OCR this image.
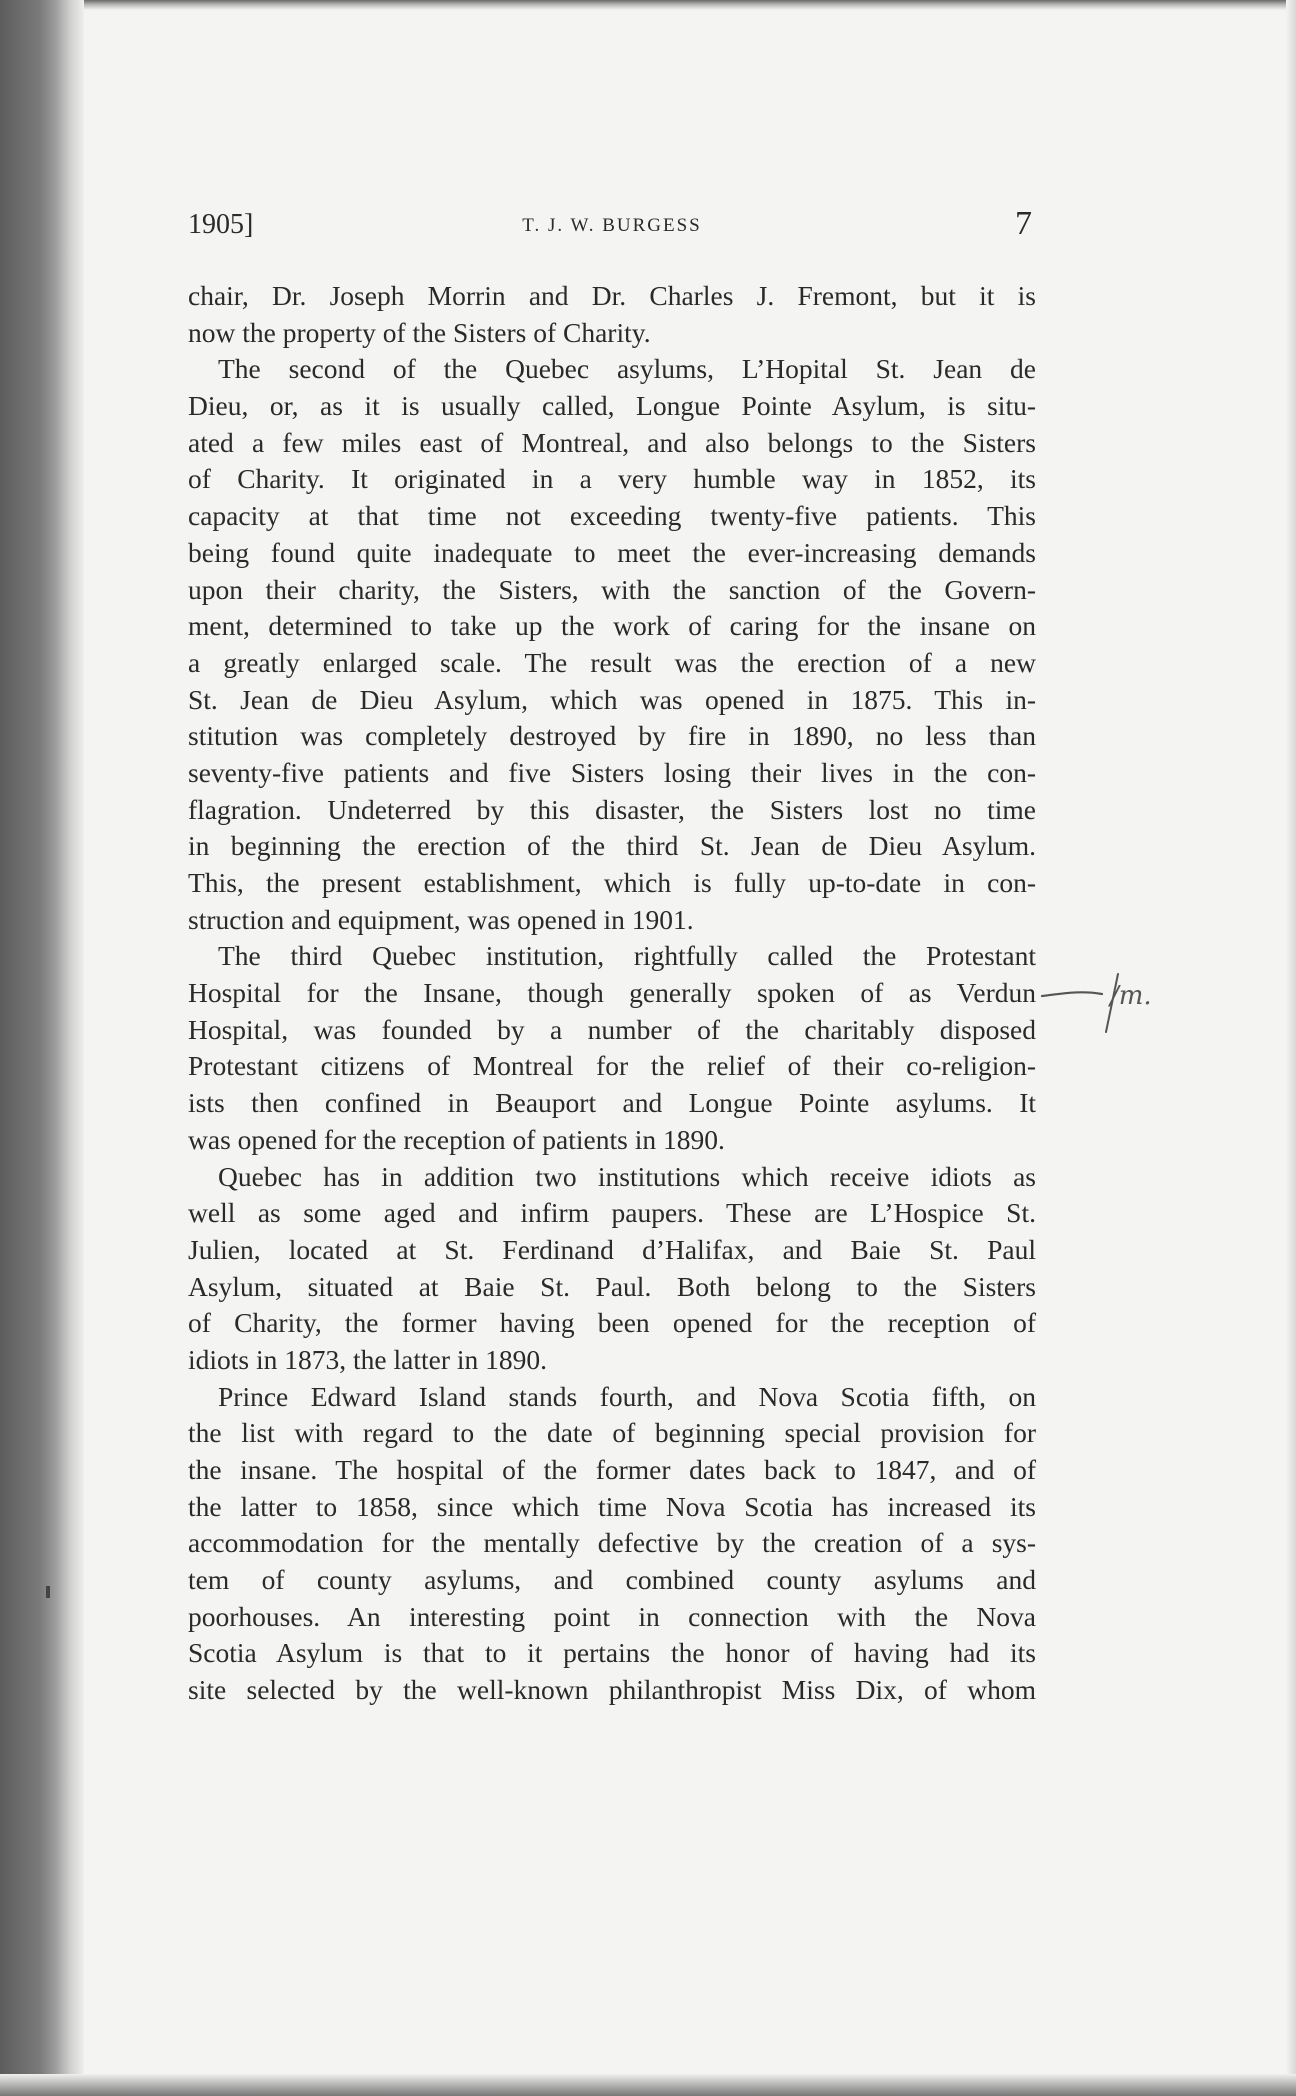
1905]	T. J. W. BURGESS	7
chair, Dr. Joseph Morrin and Dr. Charles J. Fremont, but it is
now the property of the Sisters of Charity.
The second of the Quebec asylums, L’Hopital St. Jean de
Dieu, or, as it is usually called, Longue Pointe Asylum, is situ-
ated a few miles east of Montreal, and also belongs to the Sisters
of Charity. It originated in a very humble way in 1852, its
capacity at that time not exceeding twenty-five patients. This
being found quite inadequate to meet the ever-increasing demands
upon their charity, the Sisters, with the sanction of the Govern-
ment, determined to take up the work of caring for the insane on
a greatly enlarged scale. The result was the erection of a new
St. Jean de Dieu Asylum, which was opened in 1875. This in-
stitution was completely destroyed by fire in 1890, no less than
seventy-five patients and five Sisters losing their lives in the con-
flagration. Undeterred by this disaster, the Sisters lost no time
in beginning the erection of the third St. Jean de Dieu Asylum.
This, the present establishment, which is fully up-to-date in con-
struction and equipment, was opened in 1901.
The third Quebec institution, rightfully called the Protestant
Hospital for the Insane, though generally spoken of as Verdun
Hospital, was founded by a number of the charitably disposed
Protestant citizens of Montreal for the relief of their co-religion-
ists then confined in Beauport and Longue Pointe asylums. It
was opened for the reception of patients in 1890.
Quebec has in addition two institutions which receive idiots as
well as some aged and infirm paupers. These are L’Hospice St.
Julien, located at St. Ferdinand d’Halifax, and Baie St. Paul
Asylum, situated at Baie St. Paul. Both belong to the Sisters
of Charity, the former having been opened for the reception of
idiots in 1873, the latter in 1890.
Prince Edward Island stands fourth, and Nova Scotia fifth, on
the list with regard to the date of beginning special provision for
the insane. The hospital of the former dates back to 1847, and of
the latter to 1858, since which time Nova Scotia has increased its
accommodation for the mentally defective by the creation of a sys-
tem of county asylums, and combined county asylums and
poorhouses. An interesting point in connection with the Nova
Scotia Asylum is that to it pertains the honor of having had its
site selected by the well-known philanthropist Miss Dix, of whom
/m.
